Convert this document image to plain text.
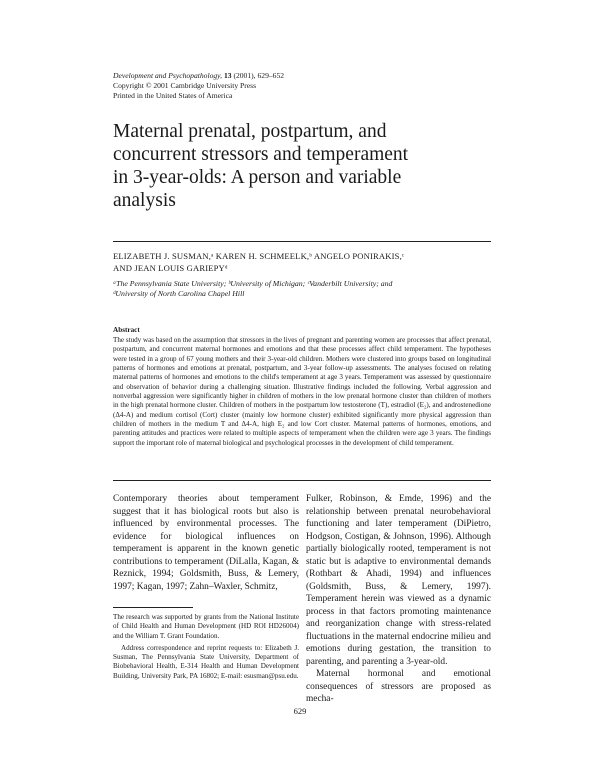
Development and Psychopathology, 13 (2001), 629–652
Copyright © 2001 Cambridge University Press
Printed in the United States of America
Maternal prenatal, postpartum, and concurrent stressors and temperament in 3-year-olds: A person and variable analysis
ELIZABETH J. SUSMAN,ᵃ KAREN H. SCHMEELK,ᵇ ANGELO PONIRAKIS,ᶜ
AND JEAN LOUIS GARIEPYᵈ
ᵃThe Pennsylvania State University; ᵇUniversity of Michigan; ᶜVanderbilt University; and
ᵈUniversity of North Carolina Chapel Hill
Abstract
The study was based on the assumption that stressors in the lives of pregnant and parenting women are processes that affect prenatal, postpartum, and concurrent maternal hormones and emotions and that these processes affect child temperament. The hypotheses were tested in a group of 67 young mothers and their 3-year-old children. Mothers were clustered into groups based on longitudinal patterns of hormones and emotions at prenatal, postpartum, and 3-year follow-up assessments. The analyses focused on relating maternal patterns of hormones and emotions to the child's temperament at age 3 years. Temperament was assessed by questionnaire and observation of behavior during a challenging situation. Illustrative findings included the following. Verbal aggression and nonverbal aggression were significantly higher in children of mothers in the low prenatal hormone cluster than children of mothers in the high prenatal hormone cluster. Children of mothers in the postpartum low testosterone (T), estradiol (E₂), and androstenedione (Δ4-A) and medium cortisol (Cort) cluster (mainly low hormone cluster) exhibited significantly more physical aggression than children of mothers in the medium T and Δ4-A, high E₂ and low Cort cluster. Maternal patterns of hormones, emotions, and parenting attitudes and practices were related to multiple aspects of temperament when the children were age 3 years. The findings support the important role of maternal biological and psychological processes in the development of child temperament.
Contemporary theories about temperament suggest that it has biological roots but also is influenced by environmental processes. The evidence for biological influences on temperament is apparent in the known genetic contributions to temperament (DiLalla, Kagan, & Reznick, 1994; Goldsmith, Buss, & Lemery, 1997; Kagan, 1997; Zahn–Waxler, Schmitz,

Fulker, Robinson, & Emde, 1996) and the relationship between prenatal neurobehavioral functioning and later temperament (DiPietro, Hodgson, Costigan, & Johnson, 1996). Although partially biologically rooted, temperament is not static but is adaptive to environmental demands (Rothbart & Ahadi, 1994) and influences (Goldsmith, Buss, & Lemery, 1997). Temperament herein was viewed as a dynamic process in that factors promoting maintenance and reorganization change with stress-related fluctuations in the maternal endocrine milieu and emotions during gestation, the transition to parenting, and parenting a 3-year-old.

Maternal hormonal and emotional consequences of stressors are proposed as mecha-

The research was supported by grants from the National Institute of Child Health and Human Development (HD ROI HD26004) and the William T. Grant Foundation.

Address correspondence and reprint requests to: Elizabeth J. Susman, The Pennsylvania State University, Department of Biobehavioral Health, E-314 Health and Human Development Building, University Park, PA 16802; E-mail: esusman@psu.edu.

629
